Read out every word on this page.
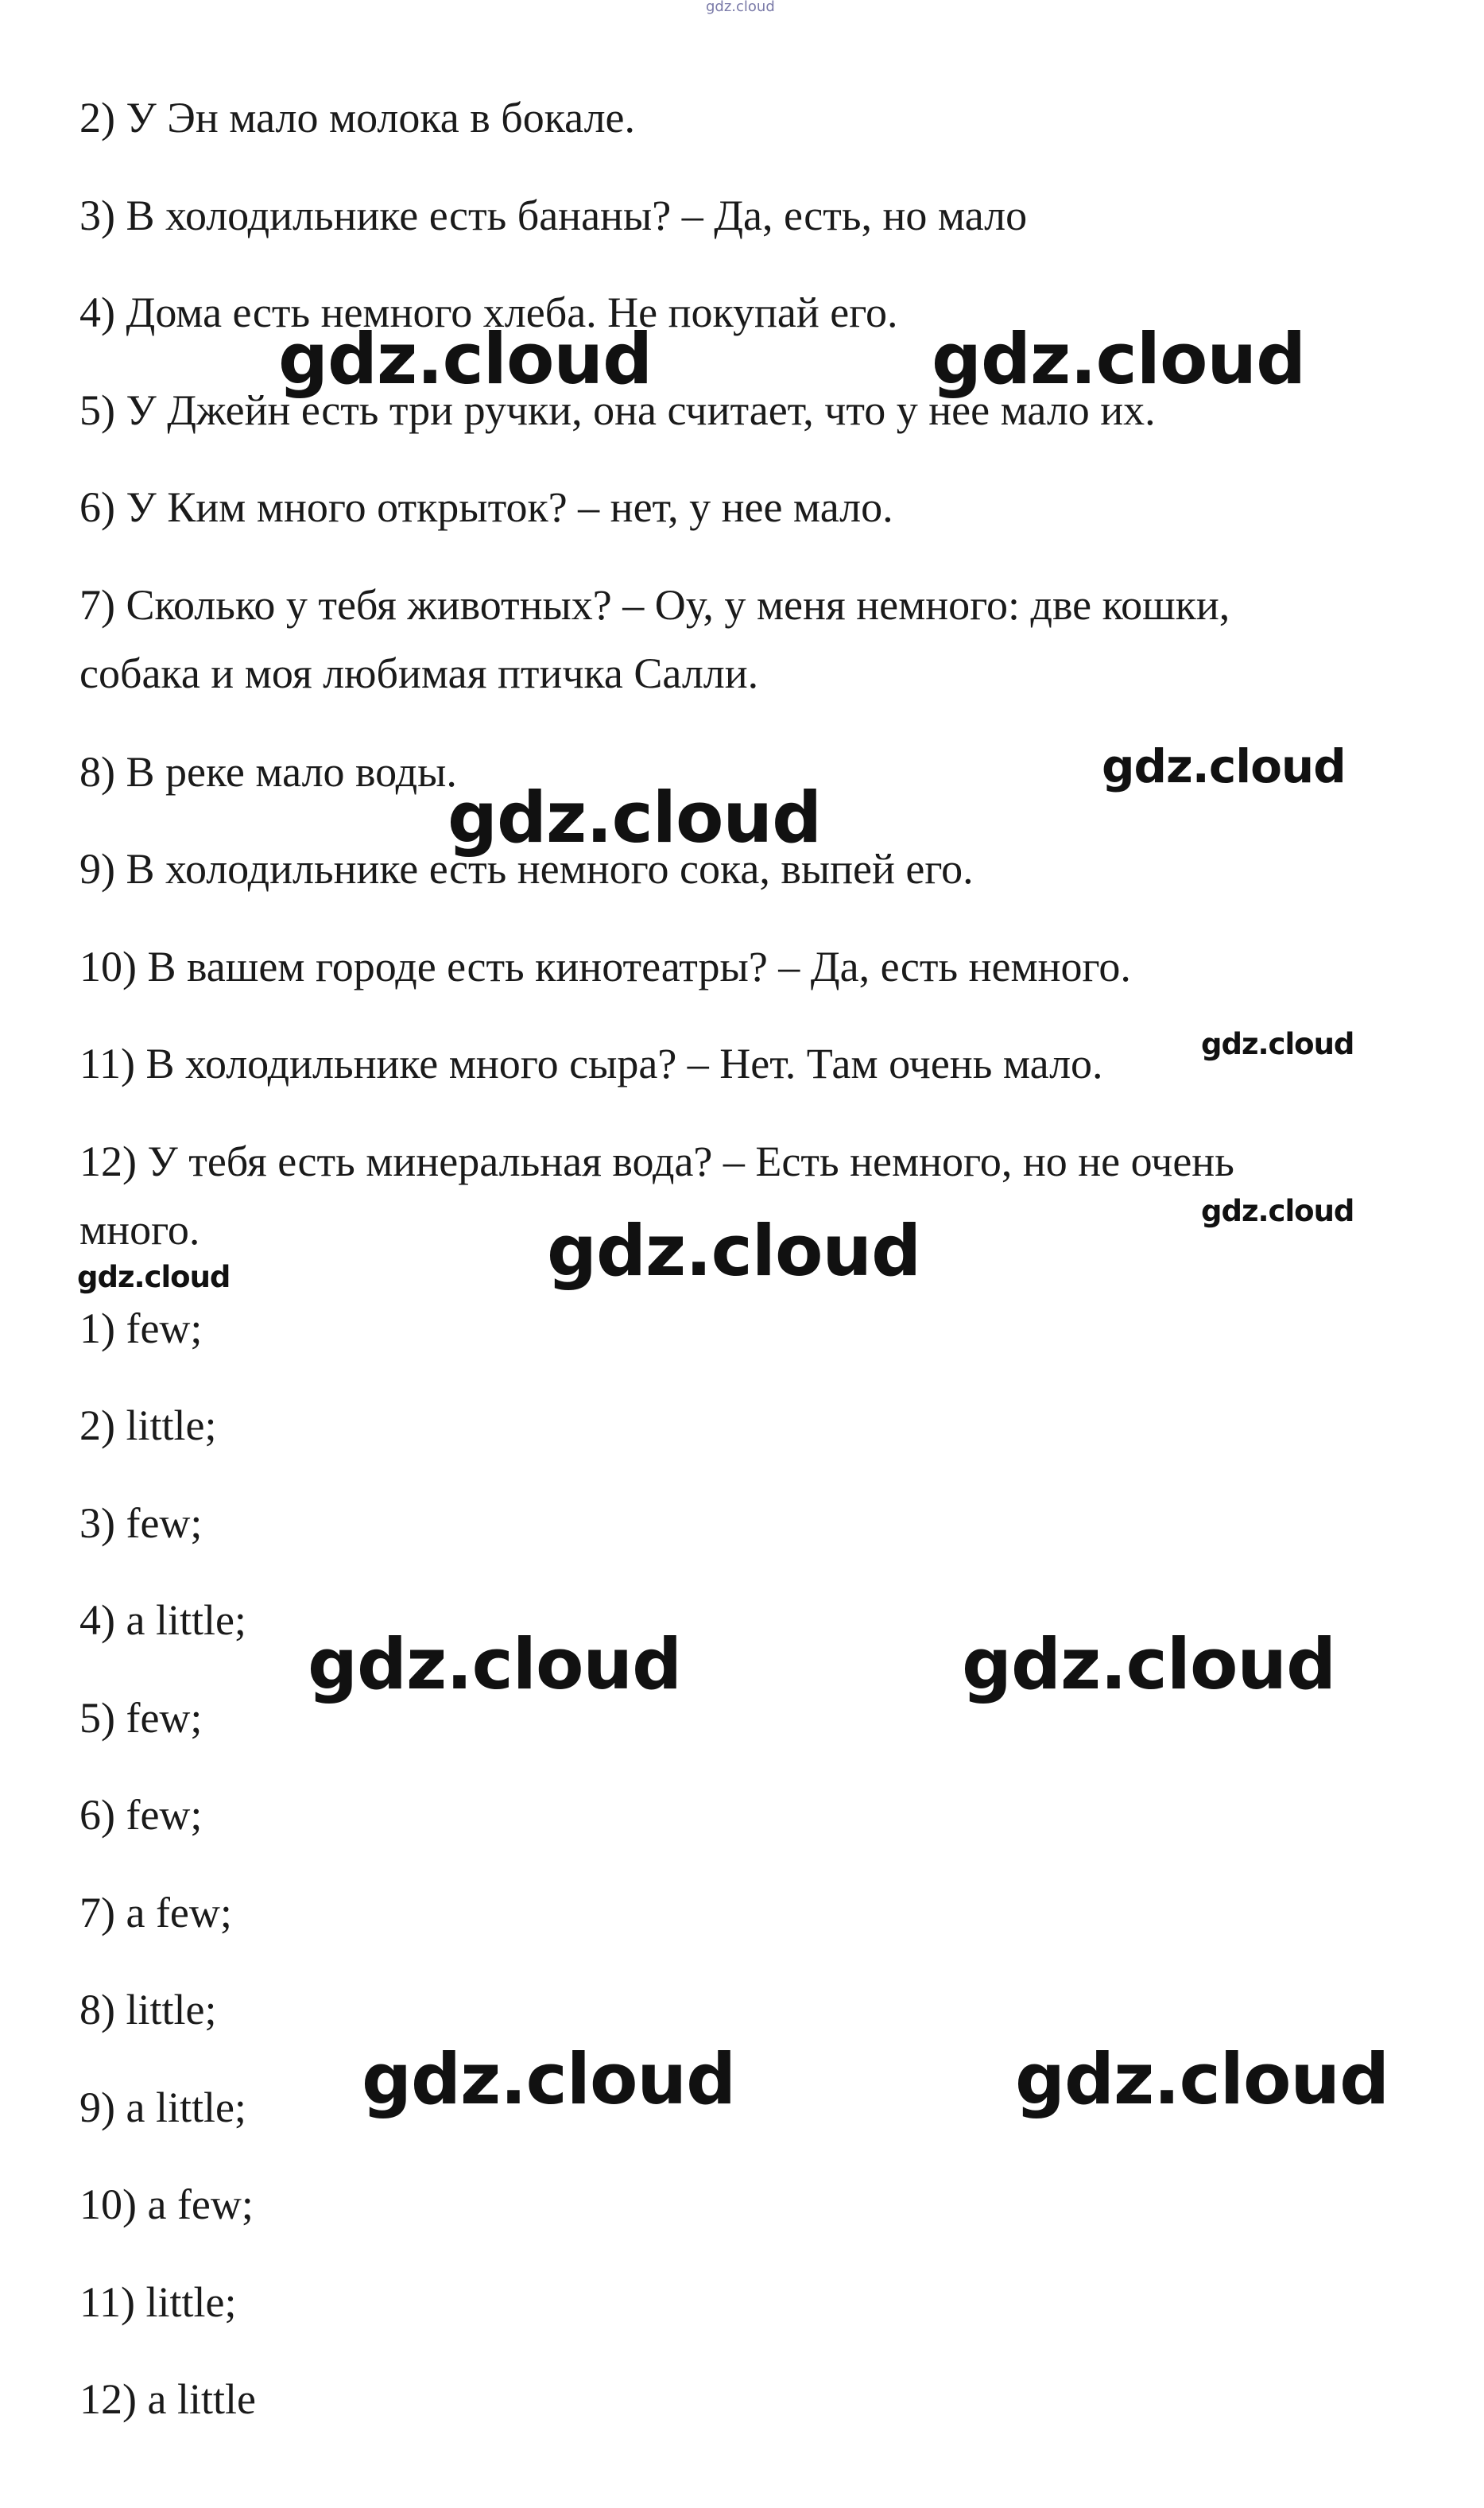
gdz.cloud

2) У Эн мало молока в бокале.

3) В холодильнике есть бананы? – Да, есть, но мало

4) Дома есть немного хлеба. Не покупай его.

5) У Джейн есть три ручки, она считает, что у нее мало их.

6) У Ким много открыток? – нет, у нее мало.

7) Сколько у тебя животных? – Оу, у меня немного: две кошки, собака и моя любимая птичка Салли.

8) В реке мало воды.

9) В холодильнике есть немного сока, выпей его.

10) В вашем городе есть кинотеатры? – Да, есть немного.

11) В холодильнике много сыра? – Нет. Там очень мало.

12) У тебя есть минеральная вода? – Есть немного, но не очень много.

1) few;

2) little;

3) few;

4) a little;

5) few;

6) few;

7) a few;

8) little;

9) a little;

10) a few;

11) little;

12) a little

gdz.cloud	gdz.cloud
gdz.cloud
gdz.cloud
gdz.cloud
gdz.cloud
gdz.cloud
gdz.cloud
gdz.cloud	gdz.cloud
gdz.cloud	gdz.cloud
